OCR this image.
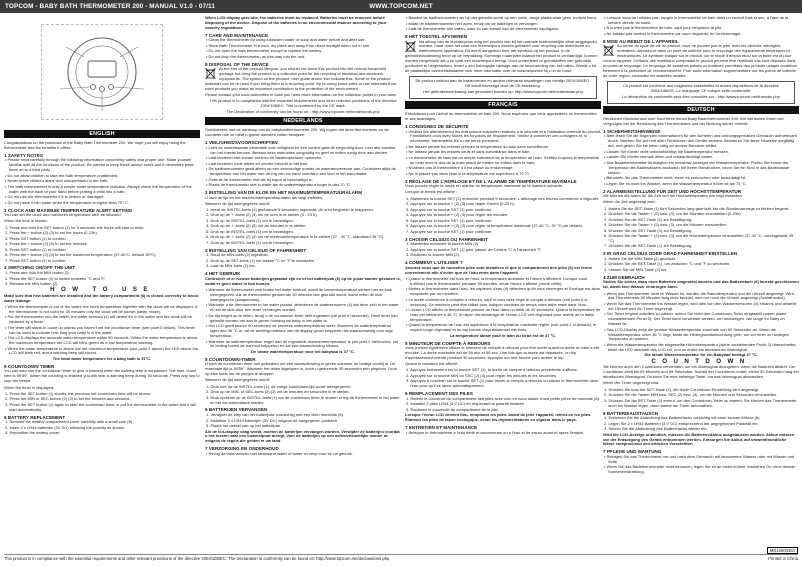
TOPCOM - BABY BATH THERMOMETER 200 - MANUAL V1.0 - 07/11	WWW.TOPCOM.NET
ENGLISH
Congratulations on the purchase of the Baby Bath Thermometer 200. We hope you will enjoy using the thermometer and the benefits it offers.
1 SAFETY NOTES
• Please read carefully through the following information concerning safety and proper use. Make yourself familiar with all the functions of the product. Be careful to keep these advice notes and if necessary pass them on to a third party.
• Do not allow children to take the bath temperature unattended.
• Never leave children alone and unsupervised in the bath.
• The bath thermometer is only a simple water temperature indicator. Always check the temperature of the water with the back of your hand before putting a child into a bath.
• Do not use the thermometer if it is broken or damaged.
• Do not place it into water when the temperature is higher than 70° C.
2 CLOCK AND MAXIMUM TEMPERATURE ALERT SETTING
You can set the clock and maximum temperature alert as followed.
When the time is shown:
1. Press and hold the SET button (1) for 5 seconds, the hours will start to blink.
2. Press the + button (2) (3) to set the hours (0-23h).
3. Press SET button (1) to confirm.
4. Press the + button (2) (3) to set the minutes.
5. Press SET button (1) to confirm.
6. Press the + button (2) (3) to set the maximum temperature (37-40°C, default 39°C).
7. Press SET button (1) to confirm.
3 SWITCHING ON/OFF THE UNIT
1. Press and hold the MIN button (2).
2. Press the SET button (1) to switch between °C and °F.
3. Release the MIN button (2).
HOW TO USE
Make sure that new batteries are installed and the battery compartment (6) is closed correctly to avoid water leakage.
• When the thermometer is out of the water, the room temperature together with the clock will be displayed. If the thermometer is not used for 30 minutes only the clock will be shown (sleep mode).
• Put the thermometer into the water, the water sensors (4) will detect it's in the water and the clock will be replaced by a timer.
• The timer will starts to count up unless you haven't set the countdown timer (see point 5 below). This timer can be used to indicate how long your baby is in the water.
• The LCD displays the accurate water temperature within 90 seconds. When the water temperature is above the maximum temperature the LCD will blink green as a low temperature warning.
• When the water temperature is above the set maximum temperature (see point 2 above) the LED above the LCD will blink red, and a warning beep will sound.
The ideal water temperature for a baby bath is 37°C.
5 COUNTDOWN TIMER
You can also use the countdown timer to give a warning when the bathing time is surpassed. The max. count time is 59'59". When the counting is finished you will hear a warning beep during 30 seconds. Press any key to stop the beeps.
When the timer is displayed:
1. Press the SET button (1) shortly, the previous set countdown time will be shown.
2. Press the MIN or SEC button (2) (3) to set the minutes and seconds.
3. Press the SET button (1) again to start the countdown timer or put the thermometer in the water and it will start automatically.
6 BATTERY REPLACEMENT
1. Remove the battery compartment cover carefully with a small coin (6).
2. Insert 2 x LR44 batteries (3V DC) following the polarity as shown.
3. Reposition the battery cover.
When LCD display gets blur, the batteries must be replaced. Batteries must be removed before disposing of the device. Dispose of the batteries in an environmental manner according to your country regulations.
7 CARE AND MAINTENANCE
• Clean the thermometer by using lukewarm water or soap and water before and after use.
• Store Bath Thermometer in a cool, dry place and away from direct sunlight when not in use.
• Do not open the bath thermometer except to replace the battery.
• Do not drop the thermometer, as this may ruin the unit.
8 DISPOSAL OF THE DEVICE
At the end of the product lifecycle, you should not throw this product into the normal household garbage but bring the product to a collection point for the recycling of electrical and electronic equipments. The symbol on the product, user guide and/or box indicate this. Some of the product materials can be re-used if you bring them to a recycling point. By re-using some parts or raw materials from used products you make an important contribution to the protection of the environment.
Please contact your local authorities in case you need more information on the collection points in your area.
This product is in compliance with the essential requirements and other relevant provisions of the directive 2004/108/EC. This is confirmed by the CE mark.
The Declaration of conformity can be found on : http://www.topcom.net/nederlands.php
NEDERLANDS
Gefeliciteerd met de aankoop van de babybadthermometer 200. Wij hopen dat deze thermometer en de voordelen die ze biedt u goede diensten zullen bewijzen.
1 VEILIGHEIDSVOORSCHRIFTEN
• Lees de onderstaande informatie over veiligheid en een correct gebruik zorgvuldig door. Leer alle functies van het toestel kennen. Bewaar deze instructies zorgvuldig en geef ze indien nodig door aan derden.
• Laat kinderen niet zonder toezicht de badtemperatuur opnemen.
• Laat kinderen nooit alleen en zonder toezicht in het bad.
• De badthermometer geeft alleen op een eenvoudige manier de watertemperatuur aan. Controleer altijd de temperatuur van het water met de rug van uw hand voordat u een kind in het bad plaatst.
• Gebruik de thermometer niet als hij kapot of beschadigd is.
• Plaats de thermometer niet in water als de watertemperatuur hoger is dan 70 °C.
2 INSTELLING VAN DE KLOK EN HET MAXIMUMTEMPERATUURALARM
U kunt de tijd en het maximumtemperatuuralarm als volgt instellen.
Wanneer de tijd weergegeven wordt:
1. Houd de INSTEL-toets (1) gedurende 5 seconden ingedrukt; de uren beginnen te knipperen.
2. Druk op de + -toets (2) (3) om de uren in te stellen (0 - 23 u).
3. Druk op de INSTEL-toets (1) om te bevestigen.
4. Druk op de + -toets (2) (3) om de minuten in te stellen.
5. Druk op de INSTEL-toets (1) om te bevestigen.
6. Druk op de + -toets (2) (3) om de maximumtemperatuur in te stellen (37 - 40 °C, standaard 39 °C).
7. Druk op de INSTEL-toets (1) om te bevestigen.
3 INSTELLING VAN CELSIUS OF FAHRENHEIT
1. Houd de MIN-toets (2) ingedrukt.
2. Druk op de SET-toets (1) om tussen °C en °F te schakelen.
3. Laat de MIN-toets (2) los.
4 HET GEBRUIK
Controleer of er nieuwe batterijen geplaatst zijn en of het batterijvak (6) op de juiste manier gesloten is, zodat er geen water in kan komen.
• Wanneer de thermometer zich buiten het water bevindt, wordt de kamertemperatuur samen met de klok weergegeven. Als de thermometer gedurende 30 minuten niet gebruikt wordt, wordt enkel de klok weergegeven (slaapmodus).
• Wanneer u de thermometer in het water plaatst, detecteren de watersensoren (4) dat deze zich in het water en zal de klok door een timer vervangen worden.
• De tijd begint op te tellen, tenzij u de countdown timer hebt ingesteld (zie punt 5 hieronder). Deze timer kan gebruikt worden om aan te geven hoelang uw baby in het water is.
• Het LCD geeft binnen 90 seconden de precieze watertemperatuur weer. Wanneer de watertemperatuur lager dan 36 °C is, zal de achtergrondkleur van de display groen knipperen als waarschuwing voor lage temperatuur.
• Wanneer de watertemperatuur hoger dan de ingestelde maximumtemperatuur is (zie punt 2 hierboven), zal de leiding boven de lcd rood knipperen en zal een waarschuwing klinken.
De ideale watertemperatuur voor het babybad is 37 °C.
5 COUNTDOWN-TIMER
U kunt de countdown timer ook gebruiken om een waarschuwing te geven wanneer de badtijd voorbij is. De maximale tijd is 59'59". Wanneer het tellen afgelopen is, hoort u gedurende 30 seconden een pieptoon. Druk op elke toets om de piepjes te stoppen.
Wanneer de tijd weergegeven wordt:
1. Druk kort op de INSTEL-toets (1), de vorige countdown-tijd wordt weergegeven.
2. Druk op de MIN- of SEC-toets (2) (3) om de minuten en seconden in te stellen.
3. Druk opnieuw op de INSTEL-toets (1) om de countdown timer te starten of leg de thermometer in het water en het zal automatisch starten.
6 BATTERIJEN VERVANGEN
1. Verwijder de klep van het batterijvak voorzichtig met een klein muntstuk (6).
2. Installeer 2 x LR44 batterijen (3V DC) volgens de aangegeven polariteit.
3. Plaats het deksel van op het batterijvak.
Als de lcd-display vaag wordt, moeten de batterijen vervangen worden. Verwijder de batterijen voordat u het toestel naar een inzamelpunt brengt. Voer de batterijen op een milieuvriendelijke manier af volgens de regels die gelden in uw land.
7 VERZORGING EN ONDERHOUD
• Reinig de thermometer met lauwwarm water of water en zeep voor en na gebruik.
• Bewaar de badthermometer als hij niet gebruikt wordt op een koele, droge plaats waar geen zonlicht komt.
• Maak de badthermometer niet open, tenzij om de batterijen te vervangen.
• Laat de thermometer niet vallen, want zo kan toestel kan de thermometer kapotgaan.
8 HET TOESTEL AFVOEREN
Na afloop van de levenscyclus mag het product niet bij het normale huishoudelijke afval weggegooid worden, maar moet het naar een inzamelpunt worden gebracht voor recycling van elektrische en elektronische apparatuur. Dit wordt aangeduid door het symbool op het product, in de gebruikshandleiding en/of op de verpakking. Sommige materialen waaruit het product is vervaardigd, kunnen worden hergebruikt als u ze naar een inzamelpunt brengt. Door onderdelen of grondstoffen van gebruikte producten te hergebruiken, levert u een belangrijke bijdrage aan de bescherming van het milieu. Wendt u tot de plaatselijke overheidsinstantie voor meer informatie over de inzamelpunten bij u in de buurt.
Dit product voldoet aan de basisnormen en andere relevante bepalingen van richtlijn 2004/108/EG. Dit wordt bevestigd door de CE-markering.
Het gebruikersverklaring kan gevonden worden op: http://www.topcom.net/nederlands.php
FRANÇAIS
Félicitations pour l'achat du thermomètre de bain 200. Nous espérons que vous apprécierez ce thermomètre et ses avantages.
1 CONSIGNES DE SÉCURITÉ
• Veuillez lire attentivement les instructions suivantes relatives à la sécurité et à l'utilisation correcte du produit. Familiarisez-vous avec toutes les fonctions de l'équipement. Veillez à conserver ces consignes et, si nécessaire, transmettez-les à une tierce personne.
• Ne laissez jamais les enfants prendre la température du bain sans surveillance.
• Ne laissez jamais les enfants seuls et sans surveillance dans le bain.
• Le thermomètre de bain est un simple indicateur de la température de l'eau. Vérifiez toujours la température de l'eau avec le dos de la main avant de mettre un enfant dans le bain.
• N'utilisez pas le thermomètre s'il est cassé ou endommagé.
• Ne le placez pas dans l'eau si la température est supérieure à 70 °C.
2 RÉGLAGE DE L'HORLOGE ET DE L'ALARME DE TEMPÉRATURE MAXIMALE
Vous pouvez régler la durée et l'alarme de température maximale de la manière suivante.
Lorsque le temps est affiché :
1. Maintenez la touche SET (1) enfoncée pendant 5 secondes. L'affichage des heures commence à clignoter.
2. Appuyez sur la touche + (2) (3) pour régler l'heure (0-23 h).
3. Appuyez sur la touche SET (1) pour confirmer.
4. Appuyez sur la touche + (2) (3) pour régler les minutes.
5. Appuyez sur la touche SET (1) pour confirmer.
6. Appuyez sur la touche + (2) (3) pour régler la température maximale (37-40 °C, 39 °C par défaut).
7. Appuyez sur la touche SET (1) pour confirmer.
3 CHOISIR CELSIUS OU FAHRENHEIT
1. Maintenez enfoncée la touche MIN (2).
2. Appuyez sur la touche SET (1) pour passer de Celsius °C à Fahrenheit °F.
3. Relâchez la touche MIN (2).
4 COMMENT L'UTILISER ?
Assurez-vous que de nouvelles piles sont installées et que le compartiment des piles (6) est fermé correctement afin d'éviter que de l'eau entre dans l'appareil.
• Quand le thermomètre est hors de l'eau, la température ambiante et l'heure s'affichent. Lorsque vous n'utilisez pas le thermomètre pendant 30 minutes, seule l'heure s'affiche (mode veille).
• Mettez le thermomètre dans l'eau, les capteurs d'eau (4) détectent qu'ils sont immergés et l'horloge est alors remplacée par un minuteur.
• Le durée commence à compter à rebours, sauf si vous avez réglé le compte à rebours (voir point 5 ci-dessous). Ce minuteur peut être utilisé pour indiquer combien de temps votre bébé reste dans l'eau.
• L'écran LCD affiche la température précise de l'eau dans un délai de 90 secondes. Quand la température de l'eau est inférieure à 36 °C, le rayon rétroéclairage de l'écran LCD vert clignotant pour avertir de la faible température.
• Quand la température de l'eau est supérieure à la température maximale réglée (voir point 2 ci-dessus), le voyant rouge clignotant et un bip sonore d'avertissement est émis.
La température idéale pour le bain du bébé est de 37 °C.
5 MINUTEUR DE COMPTE À REBOURS
Vous pouvez également utiliser le minuteur de compte à rebours pour être averti quand la durée du bain a été écoulée. La durée maximale est de 59 min et 59 sec. Une fois que la durée est dépassée, un bip d'avertissement retentit pendant 30 secondes. Appuyez sur une touche pour arrêter le bip.
Quand le minuteur est affiché :
1. Appuyez brièvement sur la touche SET (1), la durée de compte à rebours précédente s'affiche.
2. Appuyez sur la touche MIN ou SEC (2) (3) pour régler les minutes et les secondes.
3. Appuyez à nouveau sur la touche SET (1) pour lancer le compte à rebours ou placez le thermomètre dans l'eau pour qu'il se lance automatiquement.
6 REMPLACEMENT DES PILES
1. Retirez le couvercle du compartiment des piles avec soin en vous aidant d'une petite pièce de monnaie (6).
2. Installez 2 piles LR44 (3 V DC) en respectant la polarité illustrée.
3. Replacez le couvercle du compartiment de la pile.
Lorsque l'écran LCD devient flou, remplacez les piles. Avant de jeter l'appareil, retirez-en les piles. Éliminez les piles de façon écologique, selon les réglementations en vigueur dans le pays.
7 ENTRETIEN ET MAINTENANCE
• Nettoyez le thermomètre à l'eau tiède et savonneuse ou à l'eau et de savon avant et après l'emploi.
• Lorsque vous ne l'utilisez pas, rangez le thermomètre de bain dans un endroit frais et sec, à l'abri de la lumière directe du soleil.
• N'ouvrez pas le thermomètre de bain, sauf pour remplacer la pile.
• Ne laissez pas tomber le thermomètre car vous risqueriez de l'endommager.
8 MISE AU REBUT DE L'APPAREIL
Au terme du cycle de vie du produit, vous ne pouvez pas le jeter avec les déchets ménagers ordinaires, déposez-le dans un point de collecte pour le recyclage des équipements électriques et électroniques. Le symbole indiqué sur le produit, sur le mode d'emploi et/ou sur la boîte est là pour vous le rappeler. Certains des matériaux composant le produit peuvent être réutilisés s'ils sont déposés dans un point de recyclage. Le recyclage de certaines pièces ou matières premières des produits usagés contribue fortement à la protection de l'environnement. Pour toute information supplémentaire sur les points de collecte de votre région, contactez les autorités locales.
Ce produit est conforme aux exigences essentielles et autres dispositions de la directive 2004/108/CE. Le marquage CE indique cette conformité.
La déclaration de conformité peut être consultée sur : http://www.topcom.net/francais.php
DEUTSCH
Herzlichen Glückwunsch zum Kauf Ihres neues Baby Badethermometer 200. Wir wünschen Ihnen viel Vergnügen bei der Benutzung des Thermometers und der Nutzung seiner Vorteile.
1 SICHERHEITSHINWEISE
• Bitte lesen Sie die folgenden Informationen für den sicheren und ordnungsgemäßen Gebrauch aufmerksam durch. Machen Sie sich mit allen Funktionen des Geräts vertraut. Bewahren Sie diese Hinweise sorgfältig auf, und geben Sie sie wenn nötig an andere Benutzer weiter.
• Lassen Sie Kinder nicht unbeaufsichtigt die Badetemperatur messen.
• Lassen Sie Kinder niemals allein und unbeaufsichtigt baden.
• Das Badethermometer ist lediglich ein einfacher Anzeiger der Wassertemperatur. Prüfen Sie immer die Temperatur des Badewassers zusätzlich mit Ihrem Handrücken, bevor Sie ein Kind in das Badewasser setzen.
• Benutzen Sie das Thermometer nicht, wenn es zerbrochen oder beschädigt ist.
• Legen Sie es nicht ins Wasser, wenn die Wassertemperatur höher ist als 70 °C.
2 ALARMEINSTELLUNG FÜR ZEIT UND HÖCHSTTEMPERATUR
Sie können die Alarm für die Zeit und die Höchsttemperatur wie folgt einstellen.
Wenn die Zeit angezeigt wird:
1. Halten Sie die SET-Taste (1) fünf Sekunden lang gedrückt, bis die Stundenanzeige zu blinken beginnt.
2. Drücken Sie die Tasten + (2) bzw. (3), um die Stunden einzustellen (0-23h).
3. Drücken Sie die SET-Taste (1) zur Bestätigung.
4. Drücken Sie die Tasten + (2) bzw. (3), um die Minuten einzustellen.
5. Drücken Sie die SET-Taste (1) zur Bestätigung.
6. Drücken Sie die Tasten + (2) bzw. (3), um die Höchsttemperatur einzustellen (37-40 °C, voreingestellt 39 °C).
7. Drücken Sie die SET-Taste (1) zur Bestätigung.
3 IN GRAD CELSIUS ODER GRAD FAHRENHEIT EINSTELLEN
1. Halten Sie die MIN-Taste (2) gedrückt.
2. Drücken Sie die SET-Taste (1), um zwischen °C und °F zu wechseln.
3. Lassen Sie die MIN-Taste (2) los.
4 ZUM GEBRAUCH
Stellen Sie sicher, dass neue Batterien eingesetzt wurden und das Batteriefach (6) korrekt geschlossen ist, damit kein Wasser eindringen kann.
• Wenn das Thermometer nicht im Wasser ist, werden die Raumtemperatur und die Uhrzeit angezeigt. Wird das Thermometer 30 Minuten lang nicht benutzt, wird nur noch die Uhrzeit angezeigt (Schlafmodus).
• Wenn Sie das Thermometer ins Wasser legen, wird dies von den Wassersensoren (4) erkannt, und anstelle der Uhrzeit wird ein Timer angezeigt.
• Der Timer beginnt aufwärts zu zählen, sofern Sie nicht den Countdown-Timer eingestellt haben (siehe nachstehenden Punkt 5). Der Timer kann verwendet werden, um anzuzeigen, wie lange Ihr Baby im Wasser ist.
• Das LCD-Display zeigt die genaue Wassertemperatur innerhalb von 90 Sekunden an. Wenn die Wassertemperatur unter 36 °C liegt, blinkt die Hintergrundbeleuchtung grün, um vor einer zu niedrigen Temperatur zu warnen.
• Wenn die Wassertemperatur die eingestellte Höchsttemperatur (siehe vorstehenden Punkt 2) überschreitet, blinkt die LED oberhalb des LCD rot, und es ertönt ein akustisches Warnsignal.
Die ideale Wassertemperatur für ein Babybad beträgt 37 °C.
COUNTDOWN
Sie können auch den Countdown verwenden, um ein Warnsignal abzugeben, wenn die Badezeit abläuft. Der Countdown zählt bis 59 Minuten und 59 Sekunden. Sobald der Countdown endet, ertönt 30 Sekunden lang ein akustisches Warnsignal. Drücken Sie eine beliebige Taste, um das Warnsignal abzustellen.
Wenn der Timer angezeigt wird:
1. Drücken Sie kurz die SET-Taste (1), die letzte Countdown-Einstellung wird angezeigt.
2. Drücken Sie die Tasten MIN bzw. SEC (2) bzw. (3), um die Minuten und Sekunden einzustellen.
3. Drücken Sie die SET-Taste (1) erneut, um den Countdown-Timer zu starten. Sie können das Thermometer auch ins Wasser legen, dann startet der Timer automatisch.
6 BATTERIEAUSTAUSCH
1. Entfernen Sie die Abdeckung des Batteriefachs vorsichtig mit einer kleinen Münze (6).
2. Legen Sie 2 x LR44 Batterien (3 V DC) entsprechend der angegebenen Polarität ein.
3. Setzen Sie die Abdeckung des Batteriefachs wieder ein.
Wird die LCD-Anzeige undeutlich, müssen die Batterien/Akkus ausgetauscht werden. Akkus müssen vor der Entsorgung des Geräts entnommen werden. Entsorgen Sie Akkus auf umweltfreundliche Weise entsprechend den örtlichen Vorschriften.
7 PFLEGE UND WARTUNG
• Reinigen Sie das Thermometer vor und nach dem Gebrauch mit lauwarmem Wasser oder mit Wasser und Seife.
• Wenn Sie das Badethermometer nicht benutzen, legen Sie es an einen kühlen, trockenen Ort ohne direkte Sonneneinstrahlung.
This product is in compliance with the essential requirements and other relevant provisions of the directive 2004/108/EC. The Declaration of conformity can be found on: http://www.topcom.net/declarations.php	Printed in China
MD10600384
